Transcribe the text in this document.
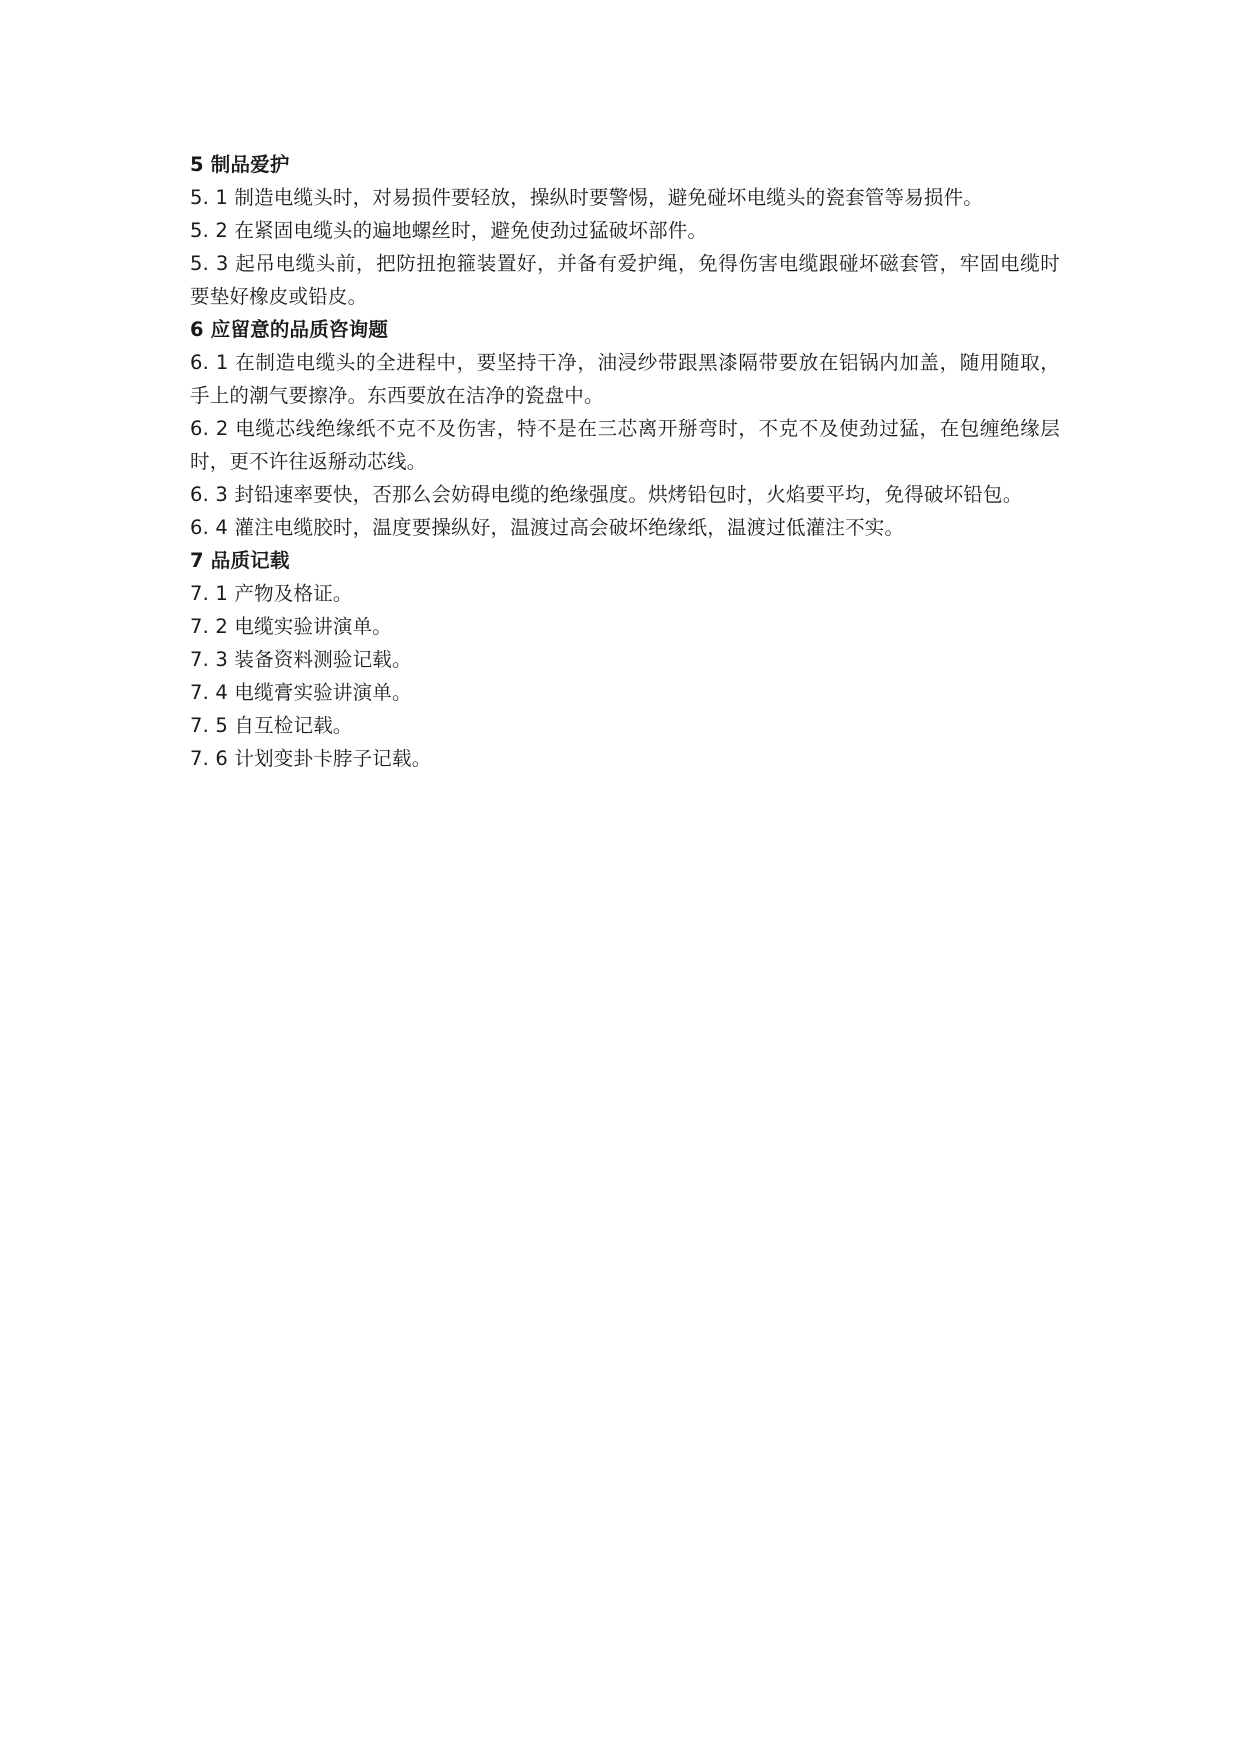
5 制品爱护

5. 1 制造电缆头时，对易损件要轻放，操纵时要警惕，避免碰坏电缆头的瓷套管等易损件。

5. 2 在紧固电缆头的遍地螺丝时，避免使劲过猛破坏部件。

5. 3 起吊电缆头前，把防扭抱箍装置好，并备有爱护绳，免得伤害电缆跟碰坏磁套管，牢固电缆时要垫好橡皮或铅皮。

6 应留意的品质咨询题

6. 1 在制造电缆头的全进程中，要坚持干净，油浸纱带跟黑漆隔带要放在铝锅内加盖，随用随取，手上的潮气要擦净。东西要放在洁净的瓷盘中。

6. 2 电缆芯线绝缘纸不克不及伤害，特不是在三芯离开掰弯时，不克不及使劲过猛，在包缠绝缘层时，更不许往返掰动芯线。

6. 3 封铅速率要快，否那么会妨碍电缆的绝缘强度。烘烤铅包时，火焰要平均，免得破坏铅包。

6. 4 灌注电缆胶时，温度要操纵好，温渡过高会破坏绝缘纸，温渡过低灌注不实。

7 品质记载

7. 1 产物及格证。

7. 2 电缆实验讲演单。

7. 3 装备资料测验记载。

7. 4 电缆膏实验讲演单。

7. 5 自互检记载。

7. 6 计划变卦卡脖子记载。
